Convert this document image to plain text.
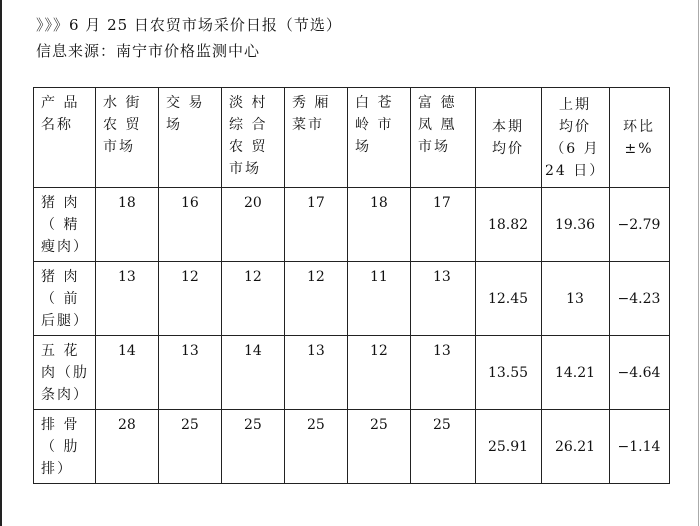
》》》6 月 25 日农贸市场采价日报（节选）
信息来源：南宁市价格监测中心
产 品
名称	水 街
农 贸
市场	交 易
场	淡 村
综 合
农 贸
市场	秀 厢
菜市	白 苍
岭 市
场	富 德
凤 凰
市场	本期
均价	上期
均价
（6 月
24 日）	环比
±%

猪 肉
（ 精
瘦肉）	18	16	20	17	18	17	18.82	19.36	−2.79

猪 肉
（ 前
后腿）	13	12	12	12	11	13	12.45	13	−4.23

五 花
肉（肋
条肉）	14	13	14	13	12	13	13.55	14.21	−4.64

排 骨
（ 肋
排）	28	25	25	25	25	25	25.91	26.21	−1.14
